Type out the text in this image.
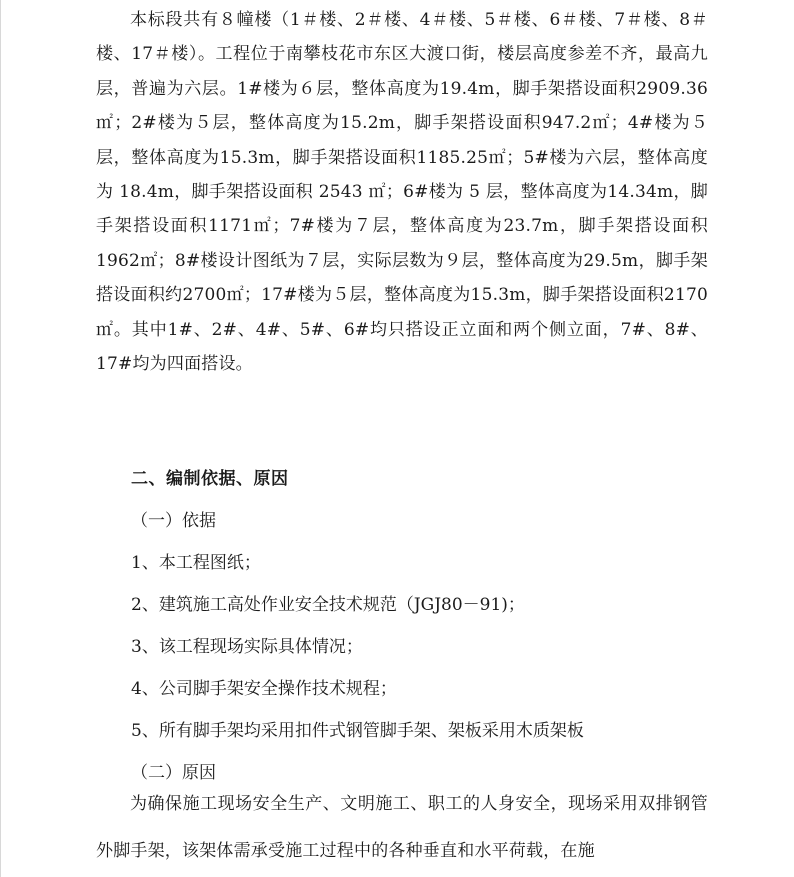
本标段共有８幢楼（1＃楼、2＃楼、4＃楼、5＃楼、6＃楼、7＃楼、8＃楼、17＃楼）。工程位于南攀枝花市东区大渡口街，楼层高度参差不齐，最高九层，普遍为六层。1#楼为６层，整体高度为19.4m，脚手架搭设面积2909.36㎡；2#楼为５层，整体高度为15.2m，脚手架搭设面积947.2㎡；4#楼为５层，整体高度为15.3m，脚手架搭设面积1185.25㎡；5#楼为六层，整体高度为 18.4m，脚手架搭设面积 2543 ㎡；6#楼为 5 层，整体高度为14.34m，脚手架搭设面积1171㎡；7#楼为７层，整体高度为23.7m，脚手架搭设面积1962㎡；8#楼设计图纸为７层，实际层数为９层，整体高度为29.5m，脚手架搭设面积约2700㎡；17#楼为５层，整体高度为15.3m，脚手架搭设面积2170㎡。其中1#、2#、4#、5#、6#均只搭设正立面和两个侧立面，7#、8#、17#均为四面搭设。

二、编制依据、原因

（一）依据

1、本工程图纸；

2、建筑施工高处作业安全技术规范（JGJ80－91)；

3、该工程现场实际具体情况；

4、公司脚手架安全操作技术规程；

5、所有脚手架均采用扣件式钢管脚手架、架板采用木质架板

（二）原因

为确保施工现场安全生产、文明施工、职工的人身安全，现场采用双排钢管外脚手架，该架体需承受施工过程中的各种垂直和水平荷载，在施
